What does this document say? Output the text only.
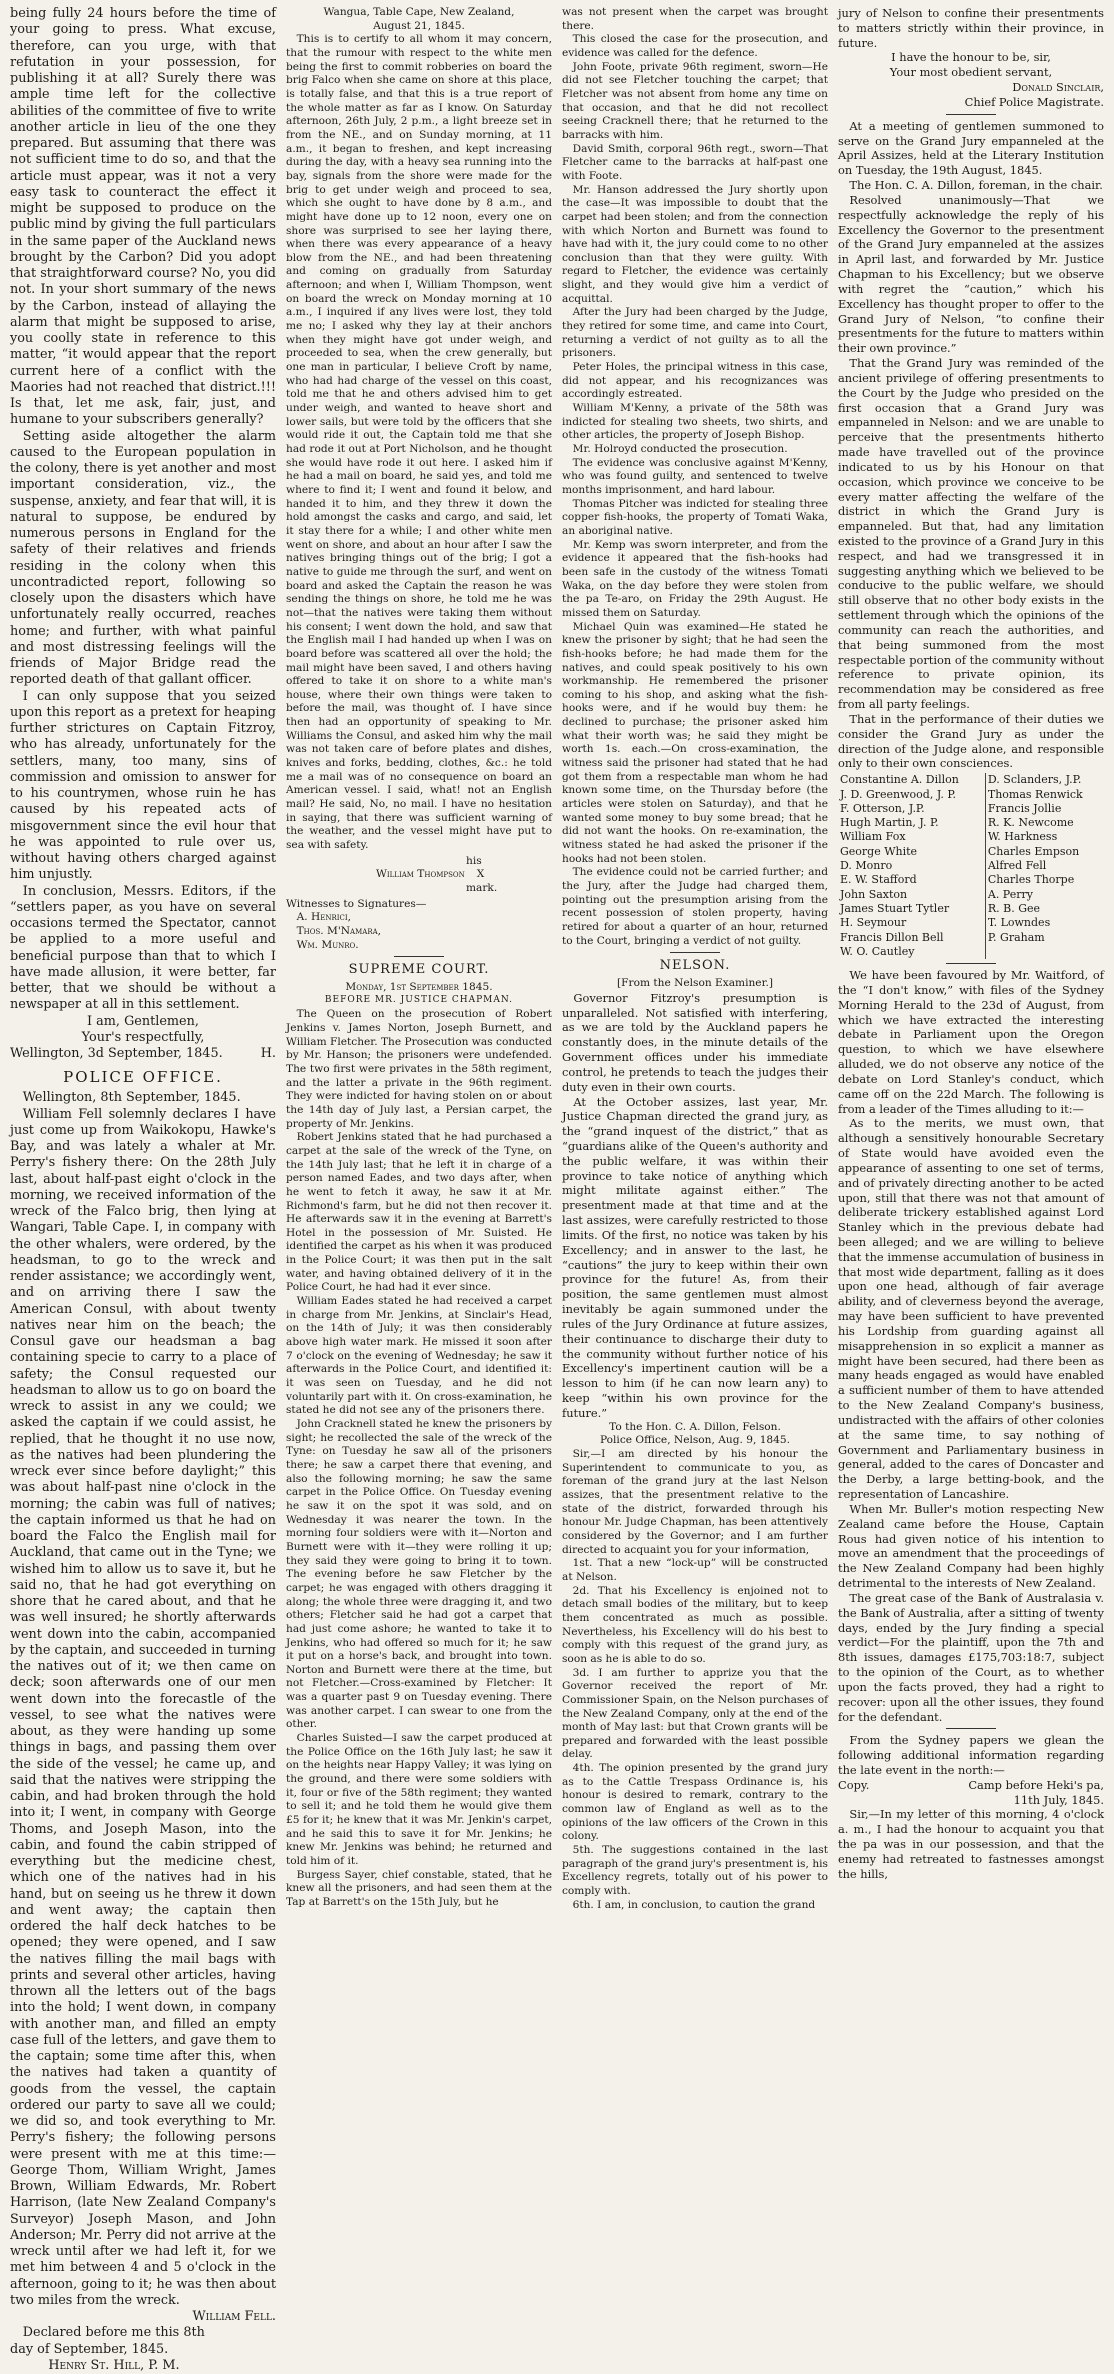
being fully 24 hours before the time of your going to press. What excuse, therefore, can you urge, with that refutation in your possession, for publishing it at all? Surely there was ample time left for the collective abilities of the committee of five to write another article in lieu of the one they prepared. But assuming that there was not sufficient time to do so, and that the article must appear, was it not a very easy task to counteract the effect it might be supposed to produce on the public mind by giving the full particulars in the same paper of the Auckland news brought by the Carbon? Did you adopt that straightforward course? No, you did not. In your short summary of the news by the Carbon, instead of allaying the alarm that might be supposed to arise, you coolly state in reference to this matter, “it would appear that the report current here of a conflict with the Maories had not reached that district.!!! Is that, let me ask, fair, just, and humane to your subscribers generally?

Setting aside altogether the alarm caused to the European population in the colony, there is yet another and most important consideration, viz., the suspense, anxiety, and fear that will, it is natural to suppose, be endured by numerous persons in England for the safety of their relatives and friends residing in the colony when this uncontradicted report, following so closely upon the disasters which have unfortunately really occurred, reaches home; and further, with what painful and most distressing feelings will the friends of Major Bridge read the reported death of that gallant officer.

I can only suppose that you seized upon this report as a pretext for heaping further strictures on Captain Fitzroy, who has already, unfortunately for the settlers, many, too many, sins of commission and omission to answer for to his countrymen, whose ruin he has caused by his repeated acts of misgovernment since the evil hour that he was appointed to rule over us, without having others charged against him unjustly.

In conclusion, Messrs. Editors, if the “settlers paper, as you have on several occasions termed the Spectator, cannot be applied to a more useful and beneficial purpose than that to which I have made allusion, it were better, far better, that we should be without a newspaper at all in this settlement.

I am, Gentlemen,

Your's respectfully,

Wellington, 3d September, 1845.	H.

POLICE OFFICE.

Wellington, 8th September, 1845.

William Fell solemnly declares I have just come up from Waikokopu, Hawke's Bay, and was lately a whaler at Mr. Perry's fishery there: On the 28th July last, about half-past eight o'clock in the morning, we received information of the wreck of the Falco brig, then lying at Wangari, Table Cape. I, in company with the other whalers, were ordered, by the headsman, to go to the wreck and render assistance; we accordingly went, and on arriving there I saw the American Consul, with about twenty natives near him on the beach; the Consul gave our headsman a bag containing specie to carry to a place of safety; the Consul requested our headsman to allow us to go on board the wreck to assist in any we could; we asked the captain if we could assist, he replied, that he thought it no use now, as the natives had been plundering the wreck ever since before daylight;” this was about half-past nine o'clock in the morning; the cabin was full of natives; the captain informed us that he had on board the Falco the English mail for Auckland, that came out in the Tyne; we wished him to allow us to save it, but he said no, that he had got everything on shore that he cared about, and that he was well insured; he shortly afterwards went down into the cabin, accompanied by the captain, and succeeded in turning the natives out of it; we then came on deck; soon afterwards one of our men went down into the forecastle of the vessel, to see what the natives were about, as they were handing up some things in bags, and passing them over the side of the vessel; he came up, and said that the natives were stripping the cabin, and had broken through the hold into it; I went, in company with George Thoms, and Joseph Mason, into the cabin, and found the cabin stripped of everything but the medicine chest, which one of the natives had in his hand, but on seeing us he threw it down and went away; the captain then ordered the half deck hatches to be opened; they were opened, and I saw the natives filling the mail bags with prints and several other articles, having thrown all the letters out of the bags into the hold; I went down, in company with another man, and filled an empty case full of the letters, and gave them to the captain; some time after this, when the natives had taken a quantity of goods from the vessel, the captain ordered our party to save all we could; we did so, and took everything to Mr. Perry's fishery; the following persons were present with me at this time:—George Thom, William Wright, James Brown, William Edwards, Mr. Robert Harrison, (late New Zealand Company's Surveyor) Joseph Mason, and John Anderson; Mr. Perry did not arrive at the wreck until after we had left it, for we met him between 4 and 5 o'clock in the afternoon, going to it; he was then about two miles from the wreck.

William Fell.

Declared before me this 8th

day of September, 1845.

Henry St. Hill, P. M.

Wangua, Table Cape, New Zealand,

August 21, 1845.

This is to certify to all whom it may concern, that the rumour with respect to the white men being the first to commit robberies on board the brig Falco when she came on shore at this place, is totally false, and that this is a true report of the whole matter as far as I know. On Saturday afternoon, 26th July, 2 p.m., a light breeze set in from the NE., and on Sunday morning, at 11 a.m., it began to freshen, and kept increasing during the day, with a heavy sea running into the bay, signals from the shore were made for the brig to get under weigh and proceed to sea, which she ought to have done by 8 a.m., and might have done up to 12 noon, every one on shore was surprised to see her laying there, when there was every appearance of a heavy blow from the NE., and had been threatening and coming on gradually from Saturday afternoon; and when I, William Thompson, went on board the wreck on Monday morning at 10 a.m., I inquired if any lives were lost, they told me no; I asked why they lay at their anchors when they might have got under weigh, and proceeded to sea, when the crew generally, but one man in particular, I believe Croft by name, who had had charge of the vessel on this coast, told me that he and others advised him to get under weigh, and wanted to heave short and lower sails, but were told by the officers that she would ride it out, the Captain told me that she had rode it out at Port Nicholson, and he thought she would have rode it out here. I asked him if he had a mail on board, he said yes, and told me where to find it; I went and found it below, and handed it to him, and they threw it down the hold amongst the casks and cargo, and said, let it stay there for a while; I and other white men went on shore, and about an hour after I saw the natives bringing things out of the brig; I got a native to guide me through the surf, and went on board and asked the Captain the reason he was sending the things on shore, he told me he was not—that the natives were taking them without his consent; I went down the hold, and saw that the English mail I had handed up when I was on board before was scattered all over the hold; the mail might have been saved, I and others having offered to take it on shore to a white man's house, where their own things were taken to before the mail, was thought of. I have since then had an opportunity of speaking to Mr. Williams the Consul, and asked him why the mail was not taken care of before plates and dishes, knives and forks, bedding, clothes, &c.: he told me a mail was of no consequence on board an American vessel. I said, what! not an English mail? He said, No, no mail. I have no hesitation in saying, that there was sufficient warning of the weather, and the vessel might have put to sea with safety.

his
William Thompson X
mark.

Witnesses to Signatures—

A. Henrici,

Thos. M'Namara,

Wm. Munro.

SUPREME COURT.

Monday, 1st September 1845.

BEFORE MR. JUSTICE CHAPMAN.

The Queen on the prosecution of Robert Jenkins v. James Norton, Joseph Burnett, and William Fletcher. The Prosecution was conducted by Mr. Hanson; the prisoners were undefended. The two first were privates in the 58th regiment, and the latter a private in the 96th regiment. They were indicted for having stolen on or about the 14th day of July last, a Persian carpet, the property of Mr. Jenkins.

Robert Jenkins stated that he had purchased a carpet at the sale of the wreck of the Tyne, on the 14th July last; that he left it in charge of a person named Eades, and two days after, when he went to fetch it away, he saw it at Mr. Richmond's farm, but he did not then recover it. He afterwards saw it in the evening at Barrett's Hotel in the possession of Mr. Suisted. He identified the carpet as his when it was produced in the Police Court; it was then put in the salt water, and having obtained delivery of it in the Police Court, he had had it ever since.

William Eades stated he had received a carpet in charge from Mr. Jenkins, at Sinclair's Head, on the 14th of July; it was then considerably above high water mark. He missed it soon after 7 o'clock on the evening of Wednesday; he saw it afterwards in the Police Court, and identified it: it was seen on Tuesday, and he did not voluntarily part with it. On cross-examination, he stated he did not see any of the prisoners there.

John Cracknell stated he knew the prisoners by sight; he recollected the sale of the wreck of the Tyne: on Tuesday he saw all of the prisoners there; he saw a carpet there that evening, and also the following morning; he saw the same carpet in the Police Office. On Tuesday evening he saw it on the spot it was sold, and on Wednesday it was nearer the town. In the morning four soldiers were with it—Norton and Burnett were with it—they were rolling it up; they said they were going to bring it to town. The evening before he saw Fletcher by the carpet; he was engaged with others dragging it along; the whole three were dragging it, and two others; Fletcher said he had got a carpet that had just come ashore; he wanted to take it to Jenkins, who had offered so much for it; he saw it put on a horse's back, and brought into town. Norton and Burnett were there at the time, but not Fletcher.—Cross-examined by Fletcher: It was a quarter past 9 on Tuesday evening. There was another carpet. I can swear to one from the other.

Charles Suisted—I saw the carpet produced at the Police Office on the 16th July last; he saw it on the heights near Happy Valley; it was lying on the ground, and there were some soldiers with it, four or five of the 58th regiment; they wanted to sell it; and he told them he would give them £5 for it; he knew that it was Mr. Jenkin's carpet, and he said this to save it for Mr. Jenkins; he knew Mr. Jenkins was behind; he returned and told him of it.

Burgess Sayer, chief constable, stated, that he knew all the prisoners, and had seen them at the Tap at Barrett's on the 15th July, but he

was not present when the carpet was brought there.

This closed the case for the prosecution, and evidence was called for the defence.

John Foote, private 96th regiment, sworn—He did not see Fletcher touching the carpet; that Fletcher was not absent from home any time on that occasion, and that he did not recollect seeing Cracknell there; that he returned to the barracks with him.

David Smith, corporal 96th regt., sworn—That Fletcher came to the barracks at half-past one with Foote.

Mr. Hanson addressed the Jury shortly upon the case—It was impossible to doubt that the carpet had been stolen; and from the connection with which Norton and Burnett was found to have had with it, the jury could come to no other conclusion than that they were guilty. With regard to Fletcher, the evidence was certainly slight, and they would give him a verdict of acquittal.

After the Jury had been charged by the Judge, they retired for some time, and came into Court, returning a verdict of not guilty as to all the prisoners.

Peter Holes, the principal witness in this case, did not appear, and his recognizances was accordingly estreated.

William M'Kenny, a private of the 58th was indicted for stealing two sheets, two shirts, and other articles, the property of Joseph Bishop.

Mr. Holroyd conducted the prosecution.

The evidence was conclusive against M'Kenny, who was found guilty, and sentenced to twelve months imprisonment, and hard labour.

Thomas Pitcher was indicted for stealing three copper fish-hooks, the property of Tomati Waka, an aboriginal native.

Mr. Kemp was sworn interpreter, and from the evidence it appeared that the fish-hooks had been safe in the custody of the witness Tomati Waka, on the day before they were stolen from the pa Te-aro, on Friday the 29th August. He missed them on Saturday.

Michael Quin was examined—He stated he knew the prisoner by sight; that he had seen the fish-hooks before; he had made them for the natives, and could speak positively to his own workmanship. He remembered the prisoner coming to his shop, and asking what the fish-hooks were, and if he would buy them: he declined to purchase; the prisoner asked him what their worth was; he said they might be worth 1s. each.—On cross-examination, the witness said the prisoner had stated that he had got them from a respectable man whom he had known some time, on the Thursday before (the articles were stolen on Saturday), and that he wanted some money to buy some bread; that he did not want the hooks. On re-examination, the witness stated he had asked the prisoner if the hooks had not been stolen.

The evidence could not be carried further; and the Jury, after the Judge had charged them, pointing out the presumption arising from the recent possession of stolen property, having retired for about a quarter of an hour, returned to the Court, bringing a verdict of not guilty.

NELSON.

[From the Nelson Examiner.]

Governor Fitzroy's presumption is unparalleled. Not satisfied with interfering, as we are told by the Auckland papers he constantly does, in the minute details of the Government offices under his immediate control, he pretends to teach the judges their duty even in their own courts.

At the October assizes, last year, Mr. Justice Chapman directed the grand jury, as the “grand inquest of the district,” that as “guardians alike of the Queen's authority and the public welfare, it was within their province to take notice of anything which might militate against either.” The presentment made at that time and at the last assizes, were carefully restricted to those limits. Of the first, no notice was taken by his Excellency; and in answer to the last, he “cautions” the jury to keep within their own province for the future! As, from their position, the same gentlemen must almost inevitably be again summoned under the rules of the Jury Ordinance at future assizes, their continuance to discharge their duty to the community without further notice of his Excellency's impertinent caution will be a lesson to him (if he can now learn any) to keep “within his own province for the future.”

To the Hon. C. A. Dillon, Felson.

Police Office, Nelson, Aug. 9, 1845.

Sir,—I am directed by his honour the Superintendent to communicate to you, as foreman of the grand jury at the last Nelson assizes, that the presentment relative to the state of the district, forwarded through his honour Mr. Judge Chapman, has been attentively considered by the Governor; and I am further directed to acquaint you for your information,

1st. That a new “lock-up” will be constructed at Nelson.

2d. That his Excellency is enjoined not to detach small bodies of the military, but to keep them concentrated as much as possible. Nevertheless, his Excellency will do his best to comply with this request of the grand jury, as soon as he is able to do so.

3d. I am further to apprize you that the Governor received the report of Mr. Commissioner Spain, on the Nelson purchases of the New Zealand Company, only at the end of the month of May last: but that Crown grants will be prepared and forwarded with the least possible delay.

4th. The opinion presented by the grand jury as to the Cattle Trespass Ordinance is, his honour is desired to remark, contrary to the common law of England as well as to the opinions of the law officers of the Crown in this colony.

5th. The suggestions contained in the last paragraph of the grand jury's presentment is, his Excellency regrets, totally out of his power to comply with.

6th. I am, in conclusion, to caution the grand

jury of Nelson to confine their presentments to matters strictly within their province, in future.

I have the honour to be, sir,

Your most obedient servant,

Donald Sinclair,

Chief Police Magistrate.

At a meeting of gentlemen summoned to serve on the Grand Jury empanneled at the April Assizes, held at the Literary Institution on Tuesday, the 19th August, 1845.

The Hon. C. A. Dillon, foreman, in the chair.

Resolved unanimously—That we respectfully acknowledge the reply of his Excellency the Governor to the presentment of the Grand Jury empanneled at the assizes in April last, and forwarded by Mr. Justice Chapman to his Excellency; but we observe with regret the “caution,” which his Excellency has thought proper to offer to the Grand Jury of Nelson, “to confine their presentments for the future to matters within their own province.”

That the Grand Jury was reminded of the ancient privilege of offering presentments to the Court by the Judge who presided on the first occasion that a Grand Jury was empanneled in Nelson: and we are unable to perceive that the presentments hitherto made have travelled out of the province indicated to us by his Honour on that occasion, which province we conceive to be every matter affecting the welfare of the district in which the Grand Jury is empanneled. But that, had any limitation existed to the province of a Grand Jury in this respect, and had we transgressed it in suggesting anything which we believed to be conducive to the public welfare, we should still observe that no other body exists in the settlement through which the opinions of the community can reach the authorities, and that being summoned from the most respectable portion of the community without reference to private opinion, its recommendation may be considered as free from all party feelings.

That in the performance of their duties we consider the Grand Jury as under the direction of the Judge alone, and responsible only to their own consciences.

Constantine A. Dillon	D. Sclanders, J.P.
J. D. Greenwood, J. P.	Thomas Renwick
F. Otterson, J.P.	Francis Jollie
Hugh Martin, J. P.	R. K. Newcome
William Fox	W. Harkness
George White	Charles Empson
D. Monro	Alfred Fell
E. W. Stafford	Charles Thorpe
John Saxton	A. Perry
James Stuart Tytler	R. B. Gee
H. Seymour	T. Lowndes
Francis Dillon Bell	P. Graham
W. O. Cautley	

We have been favoured by Mr. Waitford, of the “I don't know,” with files of the Sydney Morning Herald to the 23d of August, from which we have extracted the interesting debate in Parliament upon the Oregon question, to which we have elsewhere alluded, we do not observe any notice of the debate on Lord Stanley's conduct, which came off on the 22d March. The following is from a leader of the Times alluding to it:—

As to the merits, we must own, that although a sensitively honourable Secretary of State would have avoided even the appearance of assenting to one set of terms, and of privately directing another to be acted upon, still that there was not that amount of deliberate trickery established against Lord Stanley which in the previous debate had been alleged; and we are willing to believe that the immense accumulation of business in that most wide department, falling as it does upon one head, although of fair average ability, and of cleverness beyond the average, may have been sufficient to have prevented his Lordship from guarding against all misapprehension in so explicit a manner as might have been secured, had there been as many heads engaged as would have enabled a sufficient number of them to have attended to the New Zealand Company's business, undistracted with the affairs of other colonies at the same time, to say nothing of Government and Parliamentary business in general, added to the cares of Doncaster and the Derby, a large betting-book, and the representation of Lancashire.

When Mr. Buller's motion respecting New Zealand came before the House, Captain Rous had given notice of his intention to move an amendment that the proceedings of the New Zealand Company had been highly detrimental to the interests of New Zealand.

The great case of the Bank of Australasia v. the Bank of Australia, after a sitting of twenty days, ended by the Jury finding a special verdict—For the plaintiff, upon the 7th and 8th issues, damages £175,703:18:7, subject to the opinion of the Court, as to whether upon the facts proved, they had a right to recover: upon all the other issues, they found for the defendant.

From the Sydney papers we glean the following additional information regarding the late event in the north:—

Copy.	Camp before Heki's pa,

11th July, 1845.

Sir,—In my letter of this morning, 4 o'clock a. m., I had the honour to acquaint you that the pa was in our possession, and that the enemy had retreated to fastnesses amongst the hills,
